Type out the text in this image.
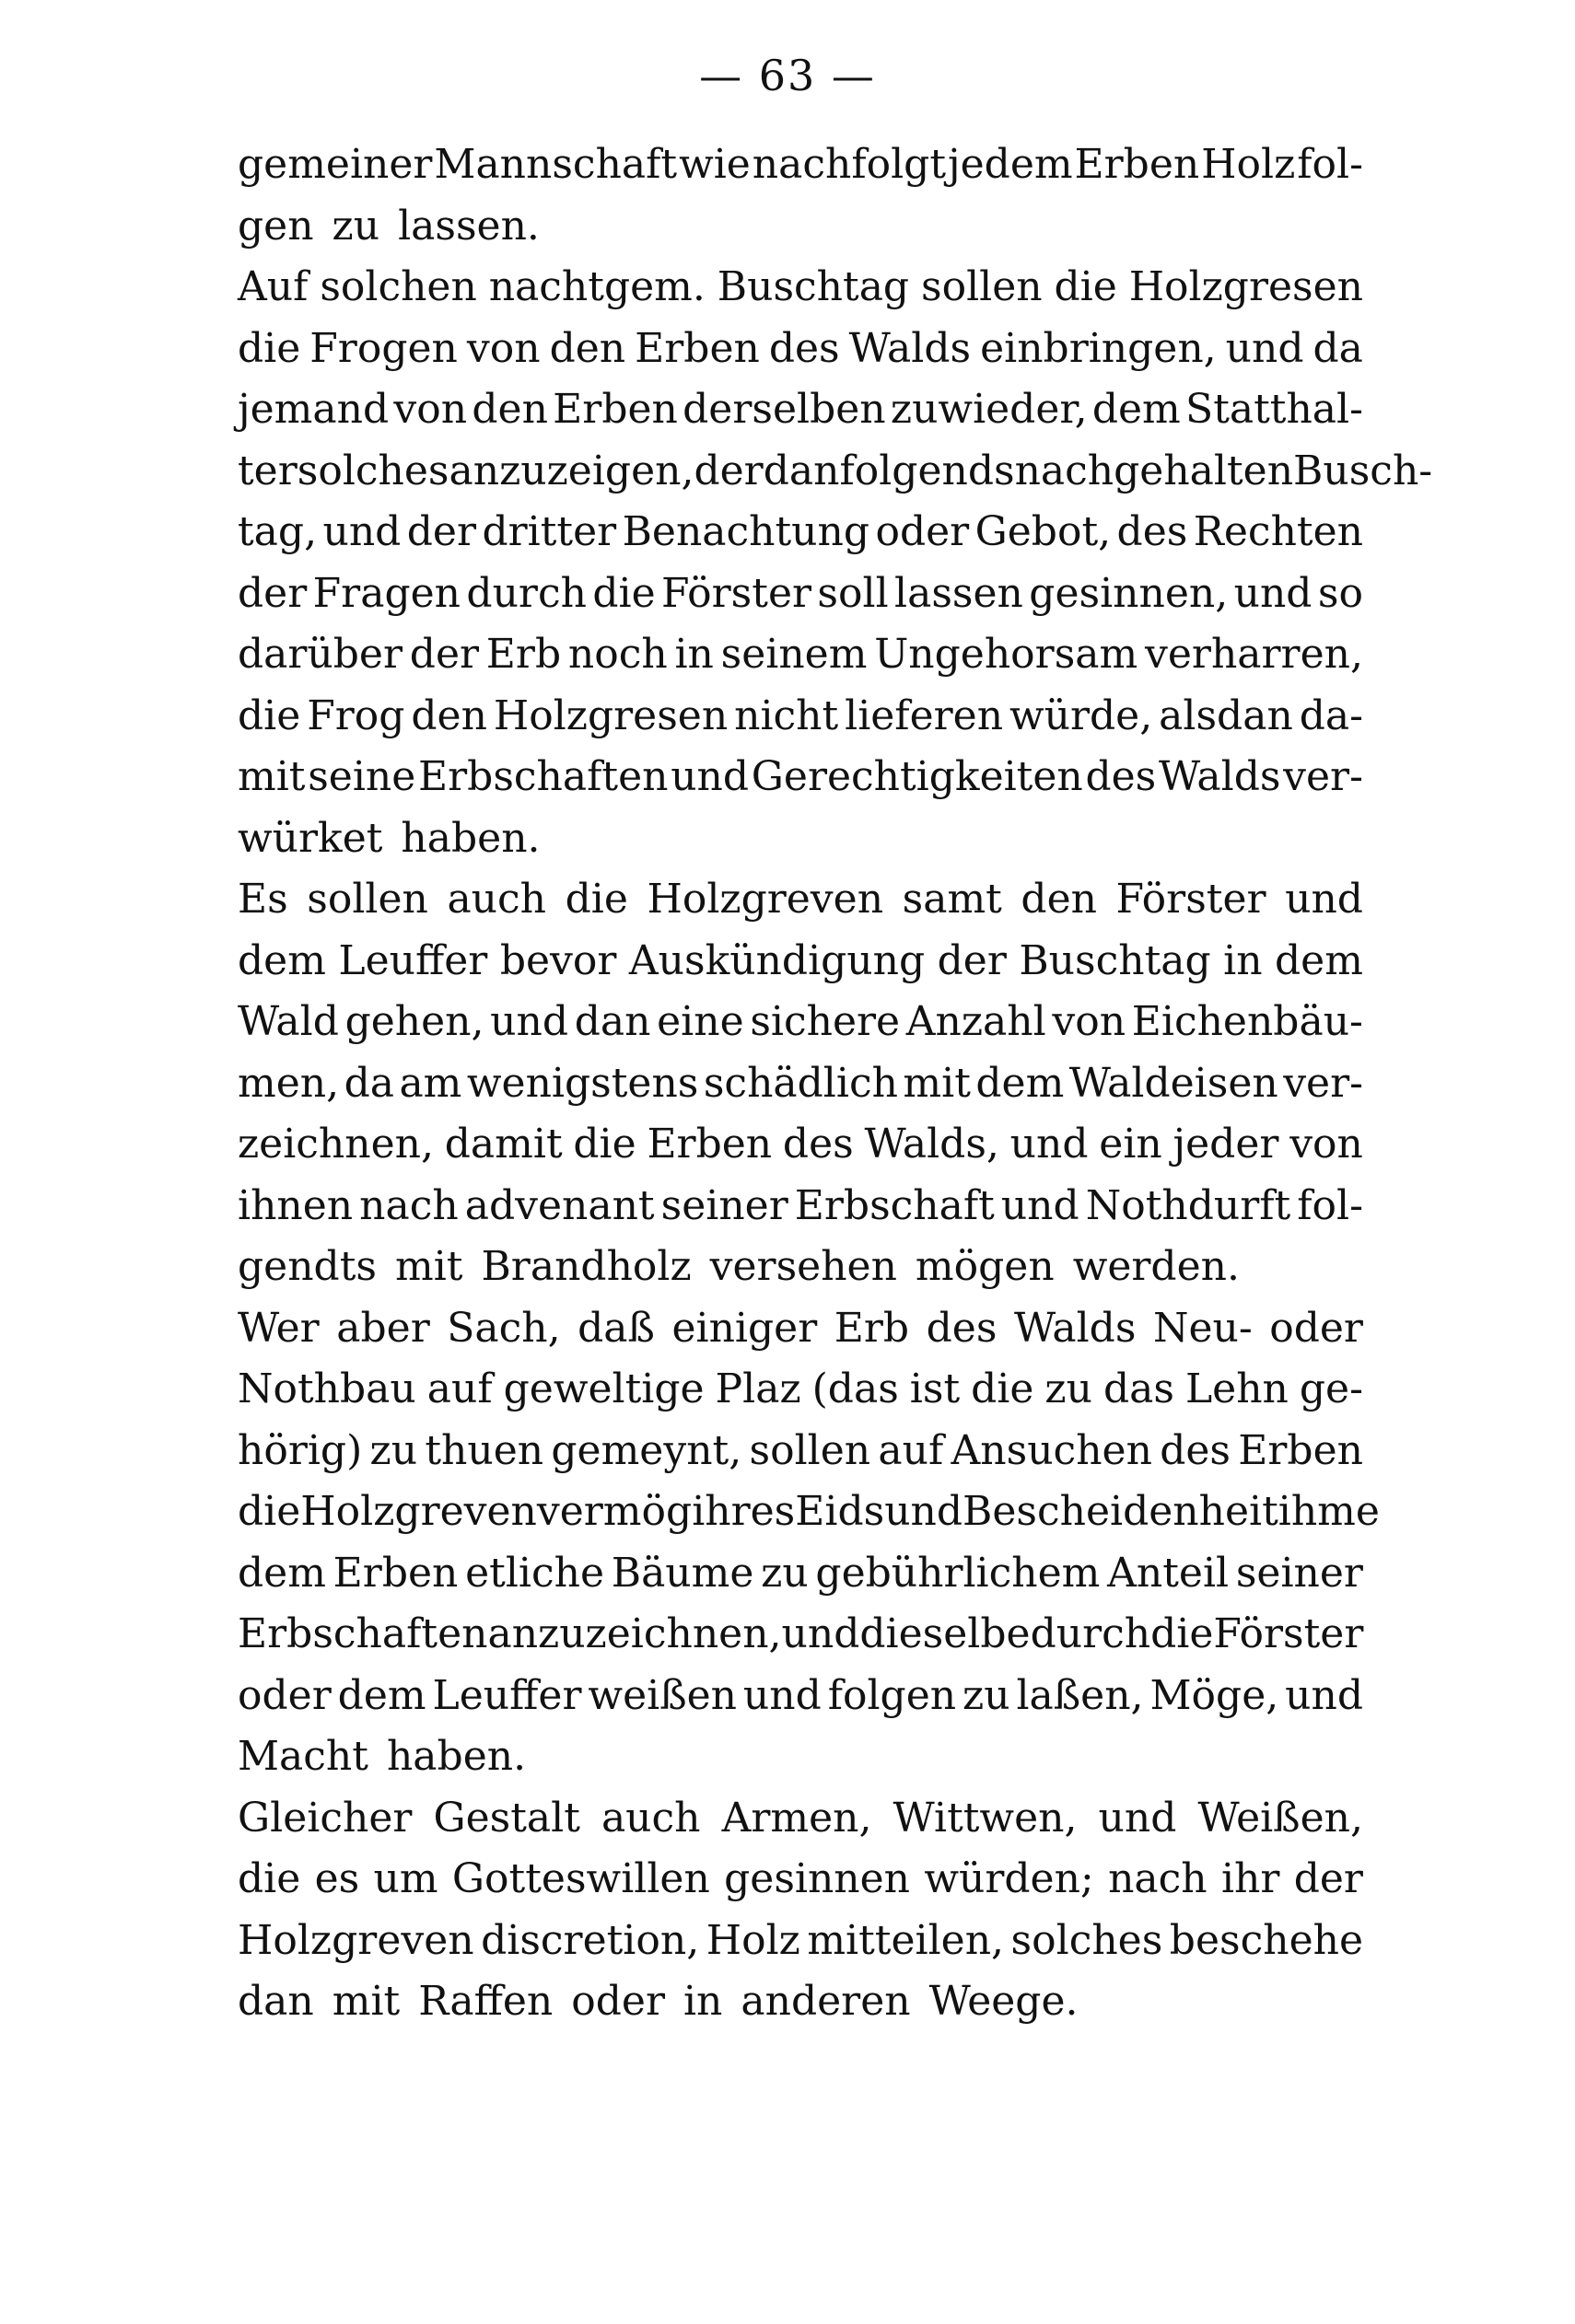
— 63 —
gemeiner Mannschaft wie nachfolgt jedem Erben Holz fol-
gen zu lassen.
Auf solchen nachtgem. Buschtag sollen die Holzgresen
die Frogen von den Erben des Walds einbringen, und da
jemand von den Erben derselben zuwieder, dem Statthal-
ter solches anzuzeigen, der dan folgends nach gehalten Busch-
tag, und der dritter Benachtung oder Gebot, des Rechten
der Fragen durch die Förster soll lassen gesinnen, und so
darüber der Erb noch in seinem Ungehorsam verharren,
die Frog den Holzgresen nicht lieferen würde, alsdan da-
mit seine Erbschaften und Gerechtigkeiten des Walds ver-
würket haben.
Es sollen auch die Holzgreven samt den Förster und
dem Leuffer bevor Auskündigung der Buschtag in dem
Wald gehen, und dan eine sichere Anzahl von Eichenbäu-
men, da am wenigstens schädlich mit dem Waldeisen ver-
zeichnen, damit die Erben des Walds, und ein jeder von
ihnen nach advenant seiner Erbschaft und Nothdurft fol-
gendts mit Brandholz versehen mögen werden.
Wer aber Sach, daß einiger Erb des Walds Neu- oder
Nothbau auf geweltige Plaz (das ist die zu das Lehn ge-
hörig) zu thuen gemeynt, sollen auf Ansuchen des Erben
die Holzgreven vermög ihres Eids und Bescheidenheit ihme
dem Erben etliche Bäume zu gebührlichem Anteil seiner
Erbschaften anzuzeichnen, und dieselbe durch die Förster
oder dem Leuffer weißen und folgen zu laßen, Möge, und
Macht haben.
Gleicher Gestalt auch Armen, Wittwen, und Weißen,
die es um Gotteswillen gesinnen würden; nach ihr der
Holzgreven discretion, Holz mitteilen, solches beschehe
dan mit Raffen oder in anderen Weege.
